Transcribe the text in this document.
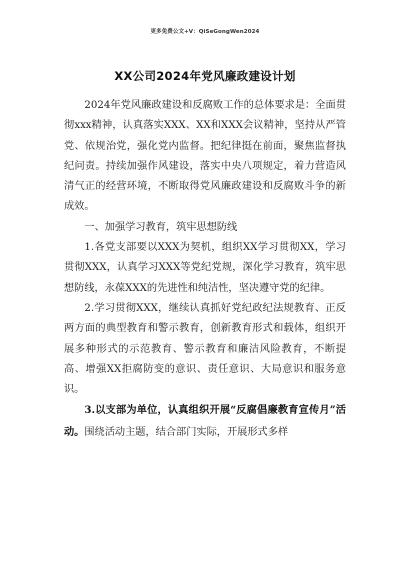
更多免费公文+V：QiSeGongWen2024
XX公司2024年党风廉政建设计划

2024年党风廉政建设和反腐败工作的总体要求是：全面贯彻xxx精神，认真落实XXX、XX和XXX会议精神，坚持从严管党、依规治党，强化党内监督。把纪律挺在前面，聚焦监督执纪问责。持续加强作风建设，落实中央八项规定，着力营造风清气正的经营环境，不断取得党风廉政建设和反腐败斗争的新成效。

一、加强学习教育，筑牢思想防线

1.各党支部要以XXX为契机，组织XX学习贯彻XX，学习贯彻XXX，认真学习XXX等党纪党规，深化学习教育，筑牢思想防线，永葆XXX的先进性和纯洁性，坚决遵守党的纪律。

2.学习贯彻XXX，继续认真抓好党纪政纪法规教育、正反两方面的典型教育和警示教育，创新教育形式和载体，组织开展多种形式的示范教育、警示教育和廉洁风险教育，不断提高、增强XX拒腐防变的意识、责任意识、大局意识和服务意识。

3.以支部为单位，认真组织开展“反腐倡廉教育宣传月”活动。围绕活动主题，结合部门实际，开展形式多样
